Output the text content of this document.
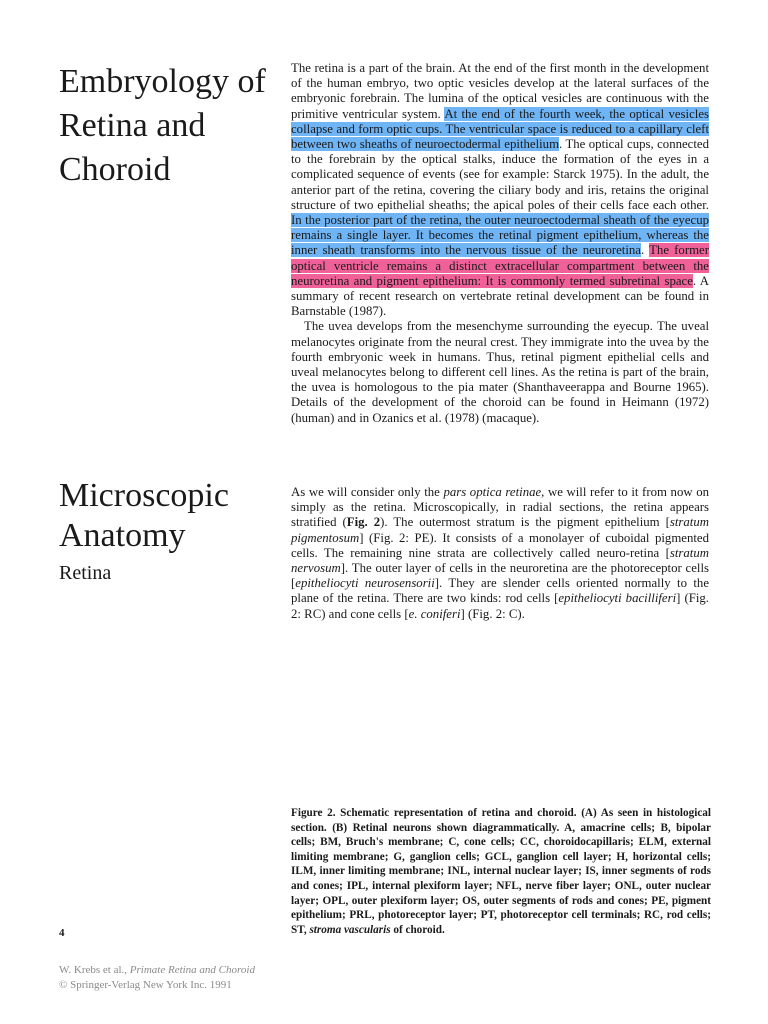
Embryology of Retina and Choroid

The retina is a part of the brain. At the end of the first month in the development of the human embryo, two optic vesicles develop at the lateral surfaces of the embryonic forebrain. The lumina of the optical vesicles are continuous with the primitive ventricular system. At the end of the fourth week, the optical vesicles collapse and form optic cups. The ventricular space is reduced to a capillary cleft between two sheaths of neuroectodermal epithelium. The optical cups, connected to the forebrain by the optical stalks, induce the formation of the eyes in a complicated sequence of events (see for example: Starck 1975). In the adult, the anterior part of the retina, covering the ciliary body and iris, retains the original structure of two epithelial sheaths; the apical poles of their cells face each other. In the posterior part of the retina, the outer neuroectodermal sheath of the eyecup remains a single layer. It becomes the retinal pigment epithelium, whereas the inner sheath transforms into the nervous tissue of the neuroretina. The former optical ventricle remains a distinct extracellular compartment between the neuroretina and pigment epithelium: It is commonly termed subretinal space. A summary of recent research on vertebrate retinal development can be found in Barnstable (1987).

The uvea develops from the mesenchyme surrounding the eyecup. The uveal melanocytes originate from the neural crest. They immigrate into the uvea by the fourth embryonic week in humans. Thus, retinal pigment epithelial cells and uveal melanocytes belong to different cell lines. As the retina is part of the brain, the uvea is homologous to the pia mater (Shanthaveerappa and Bourne 1965). Details of the development of the choroid can be found in Heimann (1972) (human) and in Ozanics et al. (1978) (macaque).

Microscopic Anatomy
Retina

As we will consider only the pars optica retinae, we will refer to it from now on simply as the retina. Microscopically, in radial sections, the retina appears stratified (Fig. 2). The outermost stratum is the pigment epithelium [stratum pigmentosum] (Fig. 2: PE). It consists of a monolayer of cuboidal pigmented cells. The remaining nine strata are collectively called neuro-retina [stratum nervosum]. The outer layer of cells in the neuroretina are the photoreceptor cells [epitheliocyti neurosensorii]. They are slender cells oriented normally to the plane of the retina. There are two kinds: rod cells [epitheliocyti bacilliferi] (Fig. 2: RC) and cone cells [e. coniferi] (Fig. 2: C).

Figure 2. Schematic representation of retina and choroid. (A) As seen in histological section. (B) Retinal neurons shown diagrammatically. A, amacrine cells; B, bipolar cells; BM, Bruch's membrane; C, cone cells; CC, choroidocapillaris; ELM, external limiting membrane; G, ganglion cells; GCL, ganglion cell layer; H, horizontal cells; ILM, inner limiting membrane; INL, internal nuclear layer; IS, inner segments of rods and cones; IPL, internal plexiform layer; NFL, nerve fiber layer; ONL, outer nuclear layer; OPL, outer plexiform layer; OS, outer segments of rods and cones; PE, pigment epithelium; PRL, photoreceptor layer; PT, photoreceptor cell terminals; RC, rod cells; ST, stroma vascularis of choroid.

4
W. Krebs et al., Primate Retina and Choroid
© Springer-Verlag New York Inc. 1991
